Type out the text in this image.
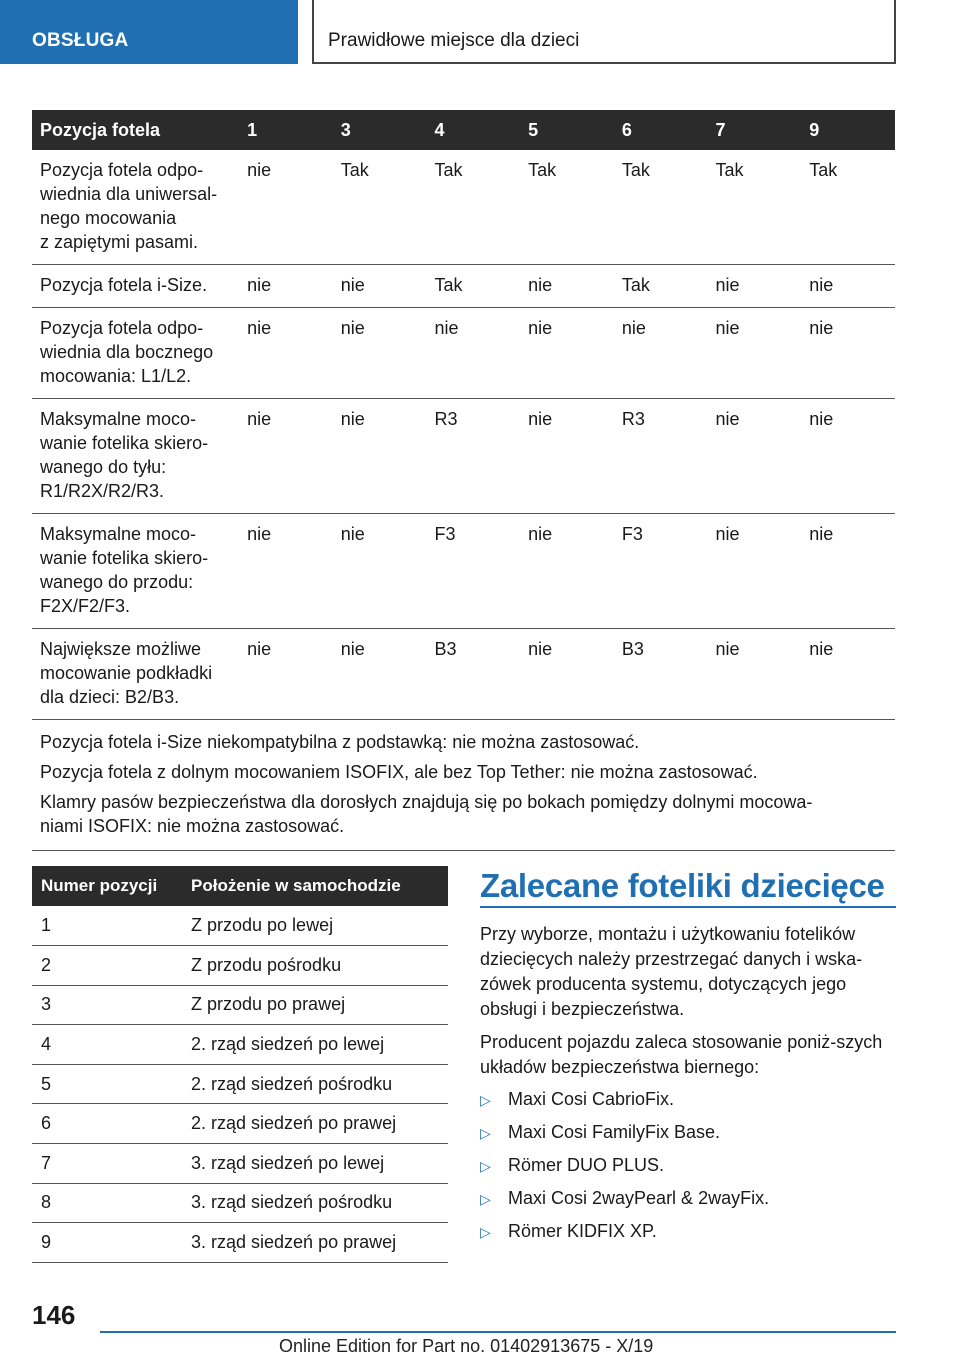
OBSŁUGA	Prawidłowe miejsce dla dzieci
Pozycja fotela	1	3	4	5	6	7	9
Pozycja fotela odpo-
wiednia dla uniwersal-
nego mocowania
z zapiętymi pasami.	nie	Tak	Tak	Tak	Tak	Tak	Tak
Pozycja fotela i-Size.	nie	nie	Tak	nie	Tak	nie	nie
Pozycja fotela odpo-
wiednia dla bocznego
mocowania: L1/L2.	nie	nie	nie	nie	nie	nie	nie
Maksymalne moco-
wanie fotelika skiero-
wanego do tyłu:
R1/R2X/R2/R3.	nie	nie	R3	nie	R3	nie	nie
Maksymalne moco-
wanie fotelika skiero-
wanego do przodu:
F2X/F2/F3.	nie	nie	F3	nie	F3	nie	nie
Największe możliwe
mocowanie podkładki
dla dzieci: B2/B3.	nie	nie	B3	nie	B3	nie	nie

Pozycja fotela i-Size niekompatybilna z podstawką: nie można zastosować.

Pozycja fotela z dolnym mocowaniem ISOFIX, ale bez Top Tether: nie można zastosować.

Klamry pasów bezpieczeństwa dla dorosłych znajdują się po bokach pomiędzy dolnymi mocowa-
niami ISOFIX: nie można zastosować.							

Numer pozycji	Położenie w samochodzie
1	Z przodu po lewej
2	Z przodu pośrodku
3	Z przodu po prawej
4	2. rząd siedzeń po lewej
5	2. rząd siedzeń pośrodku
6	2. rząd siedzeń po prawej
7	3. rząd siedzeń po lewej
8	3. rząd siedzeń pośrodku
9	3. rząd siedzeń po prawej
Zalecane foteliki dziecięce

Przy wyborze, montażu i użytkowaniu fotelików dziecięcych należy przestrzegać danych i wska-zówek producenta systemu, dotyczących jego obsługi i bezpieczeństwa.

Producent pojazdu zaleca stosowanie poniż-szych układów bezpieczeństwa biernego:

▷ Maxi Cosi CabrioFix.
▷ Maxi Cosi FamilyFix Base.
▷ Römer DUO PLUS.
▷ Maxi Cosi 2wayPearl & 2wayFix.
▷ Römer KIDFIX XP.
146
Online Edition for Part no. 01402913675 - X/19
